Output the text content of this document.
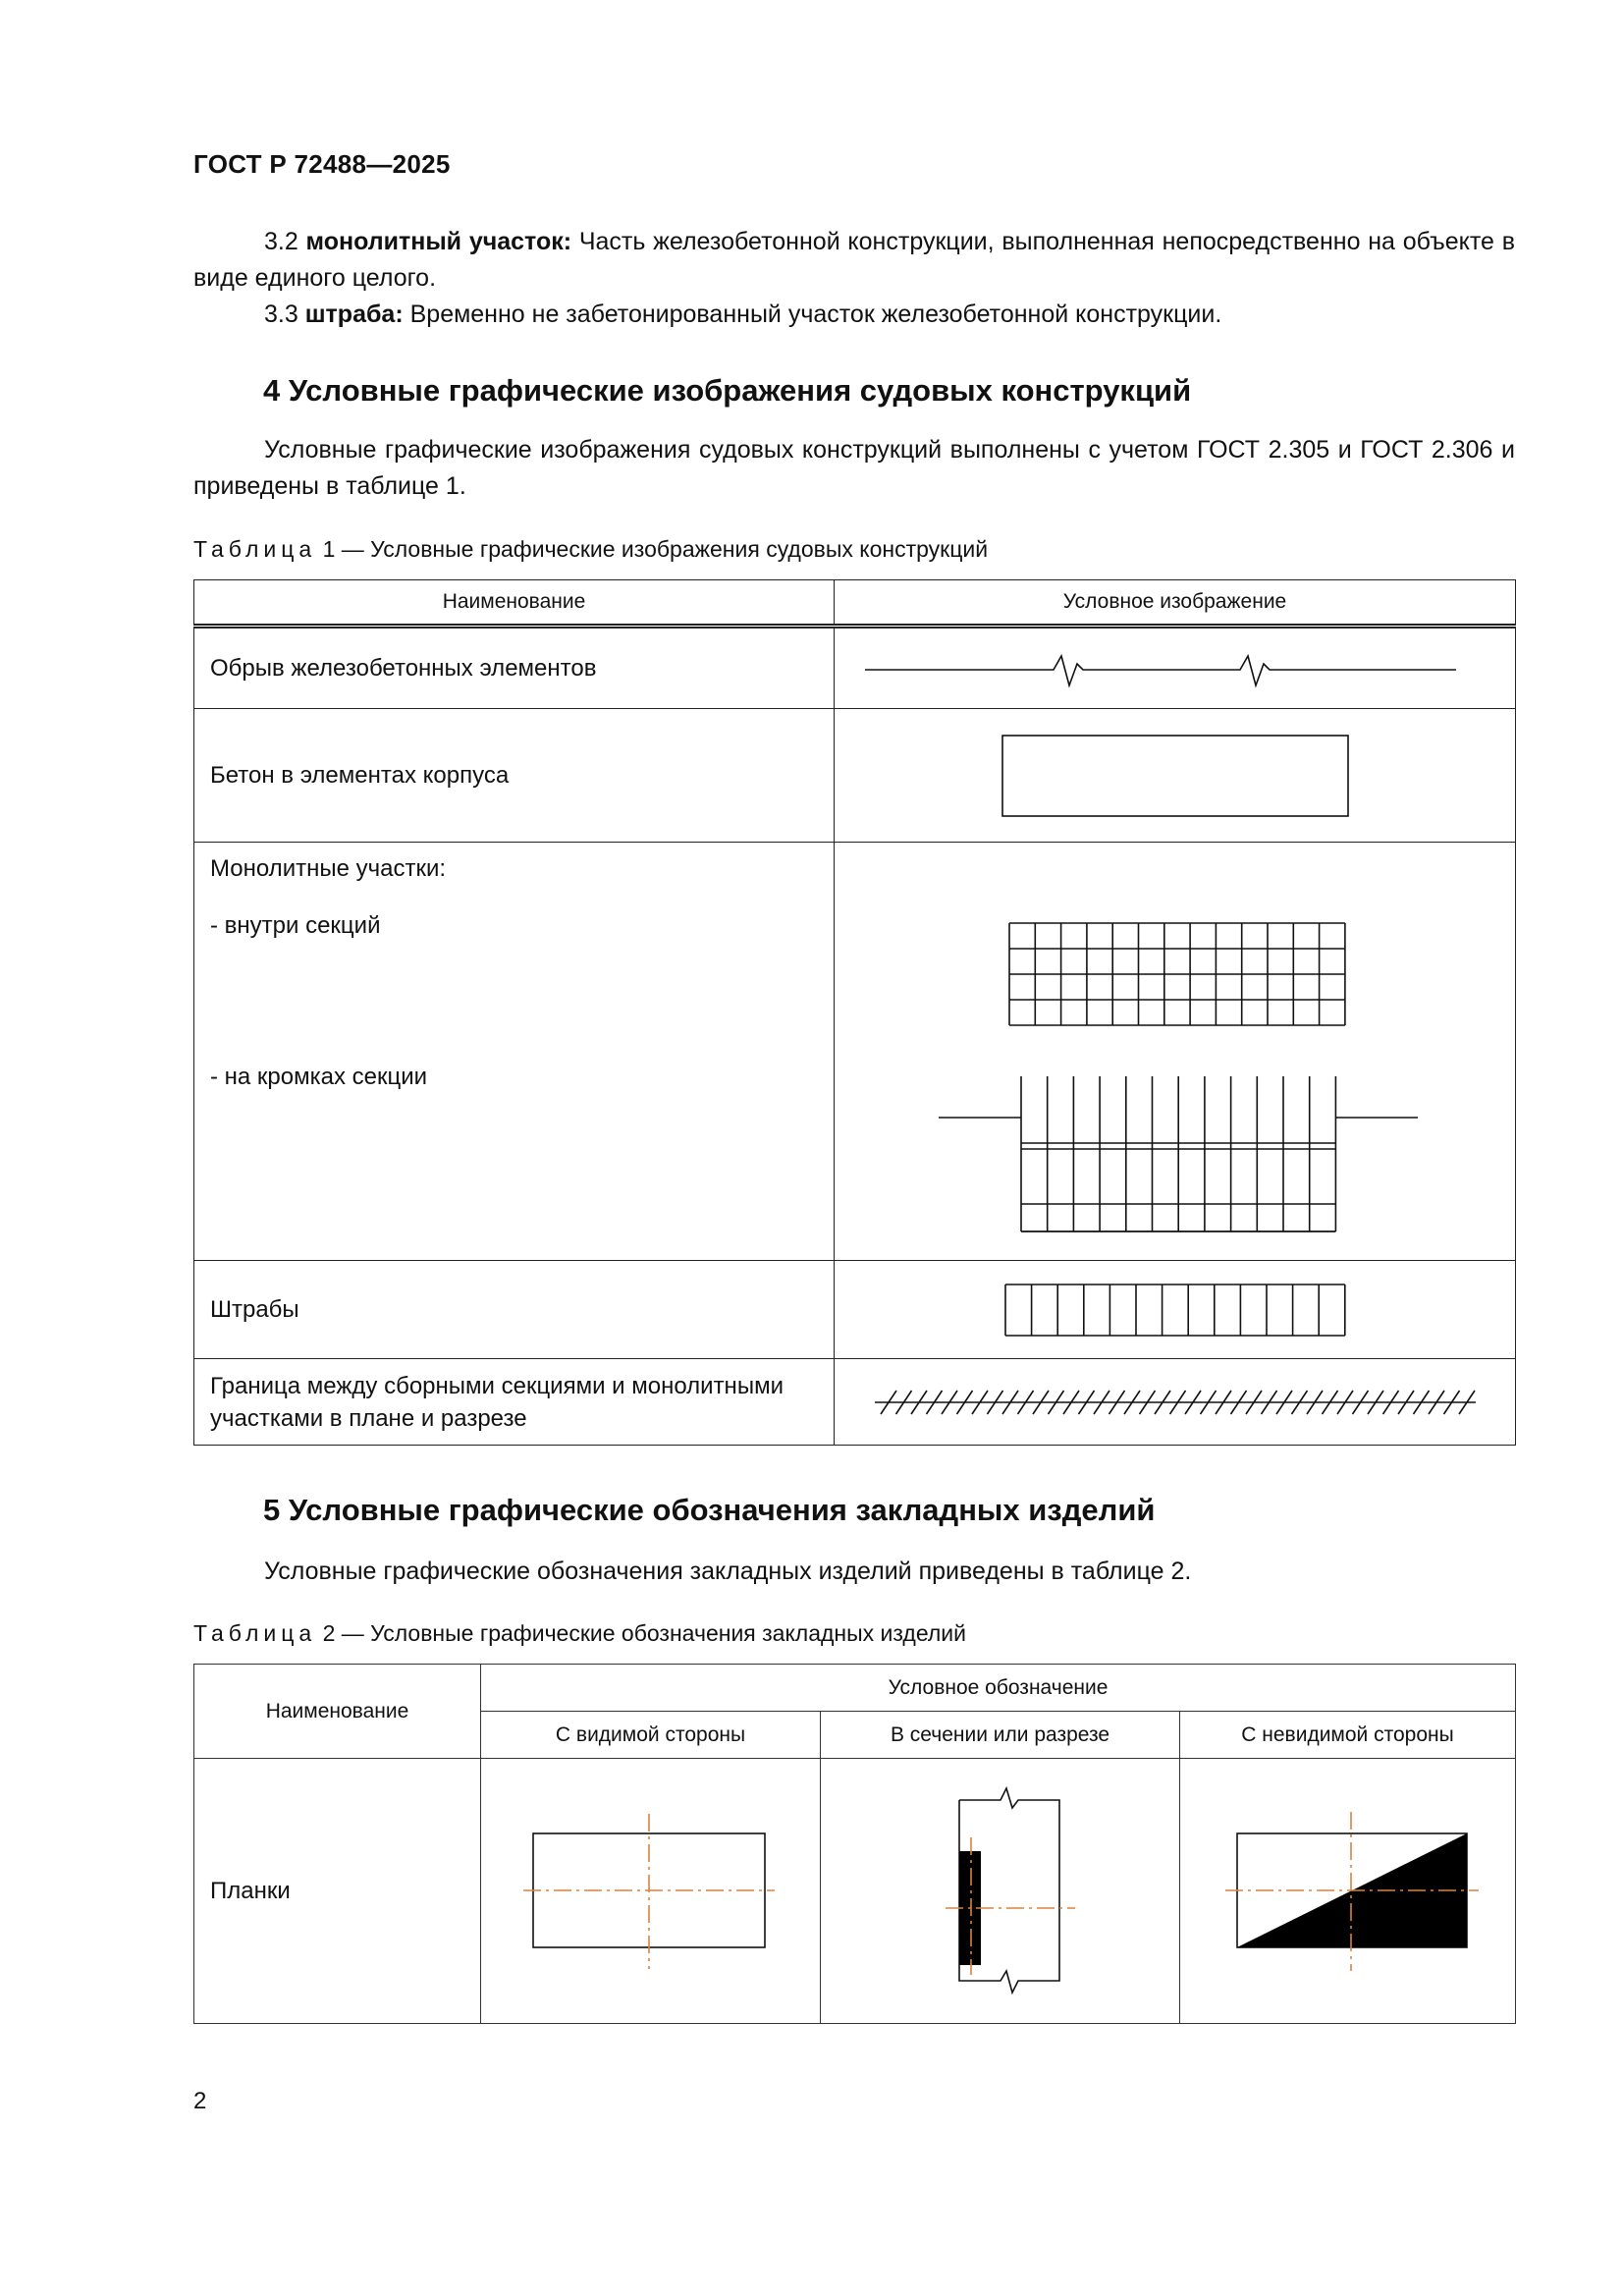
ГОСТ Р 72488—2025

3.2 монолитный участок: Часть железобетонной конструкции, выполненная непосредственно на объекте в виде единого целого.

3.3 штраба: Временно не забетонированный участок железобетонной конструкции.

4 Условные графические изображения судовых конструкций

Условные графические изображения судовых конструкций выполнены с учетом ГОСТ 2.305 и ГОСТ 2.306 и приведены в таблице 1.

Таблица 1 — Условные графические изображения судовых конструкций
Наименование	Условное изображение
Обрыв железобетонных элементов	

Бетон в элементах корпуса	

Монолитные участки:
- внутри секций
- на кромках секции

Штрабы	

Граница между сборными секциями и монолитными участками в плане и разрезе	
5 Условные графические обозначения закладных изделий

Условные графические обозначения закладных изделий приведены в таблице 2.

Таблица 2 — Условные графические обозначения закладных изделий
Наименование	Условное обозначение		
	С видимой стороны	В сечении или разрезе	С невидимой стороны
Планки	

2
